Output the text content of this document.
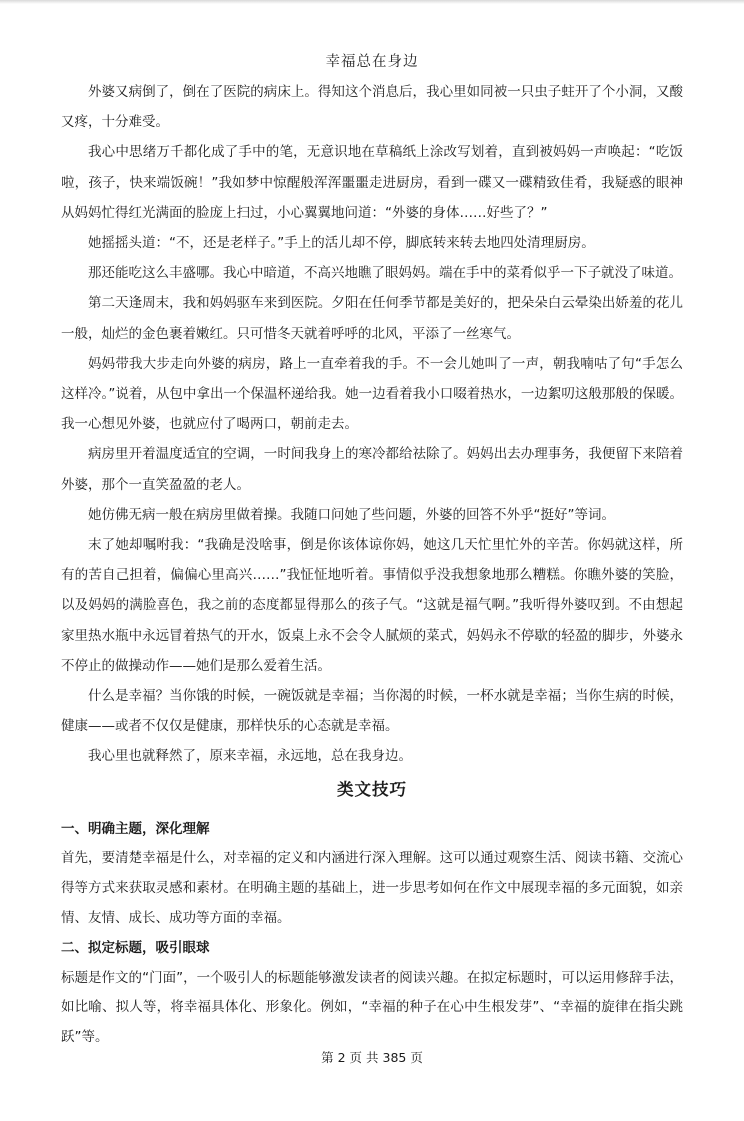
幸福总在身边

外婆又病倒了，倒在了医院的病床上。得知这个消息后，我心里如同被一只虫子蛀开了个小洞，又酸又疼，十分难受。

我心中思绪万千都化成了手中的笔，无意识地在草稿纸上涂改写划着，直到被妈妈一声唤起：“吃饭啦，孩子，快来端饭碗！”我如梦中惊醒般浑浑噩噩走进厨房，看到一碟又一碟精致佳肴，我疑惑的眼神从妈妈忙得红光满面的脸庞上扫过，小心翼翼地问道：“外婆的身体……好些了？”

她摇摇头道：“不，还是老样子。”手上的活儿却不停，脚底转来转去地四处清理厨房。

那还能吃这么丰盛哪。我心中暗道，不高兴地瞧了眼妈妈。端在手中的菜肴似乎一下子就没了味道。

第二天逢周末，我和妈妈驱车来到医院。夕阳在任何季节都是美好的，把朵朵白云晕染出娇羞的花儿一般，灿烂的金色裹着嫩红。只可惜冬天就着呼呼的北风，平添了一丝寒气。

妈妈带我大步走向外婆的病房，路上一直牵着我的手。不一会儿她叫了一声，朝我喃咕了句“手怎么这样冷。”说着，从包中拿出一个保温杯递给我。她一边看着我小口啜着热水，一边絮叨这般那般的保暖。我一心想见外婆，也就应付了喝两口，朝前走去。

病房里开着温度适宜的空调，一时间我身上的寒冷都给祛除了。妈妈出去办理事务，我便留下来陪着外婆，那个一直笑盈盈的老人。

她仿佛无病一般在病房里做着操。我随口问她了些问题，外婆的回答不外乎“挺好”等词。

末了她却嘱咐我：“我确是没啥事，倒是你该体谅你妈，她这几天忙里忙外的辛苦。你妈就这样，所有的苦自己担着，偏偏心里高兴……”我怔怔地听着。事情似乎没我想象地那么糟糕。你瞧外婆的笑脸，以及妈妈的满脸喜色，我之前的态度都显得那么的孩子气。“这就是福气啊。”我听得外婆叹到。不由想起家里热水瓶中永远冒着热气的开水，饭桌上永不会令人腻烦的菜式，妈妈永不停歇的轻盈的脚步，外婆永不停止的做操动作——她们是那么爱着生活。

什么是幸福？当你饿的时候，一碗饭就是幸福；当你渴的时候，一杯水就是幸福；当你生病的时候，健康——或者不仅仅是健康，那样快乐的心态就是幸福。

我心里也就释然了，原来幸福，永远地，总在我身边。

类文技巧
一、明确主题，深化理解

首先，要清楚幸福是什么，对幸福的定义和内涵进行深入理解。这可以通过观察生活、阅读书籍、交流心得等方式来获取灵感和素材。在明确主题的基础上，进一步思考如何在作文中展现幸福的多元面貌，如亲情、友情、成长、成功等方面的幸福。

二、拟定标题，吸引眼球

标题是作文的“门面”，一个吸引人的标题能够激发读者的阅读兴趣。在拟定标题时，可以运用修辞手法，如比喻、拟人等，将幸福具体化、形象化。例如，“幸福的种子在心中生根发芽”、“幸福的旋律在指尖跳跃”等。

第 2 页 共 385 页
